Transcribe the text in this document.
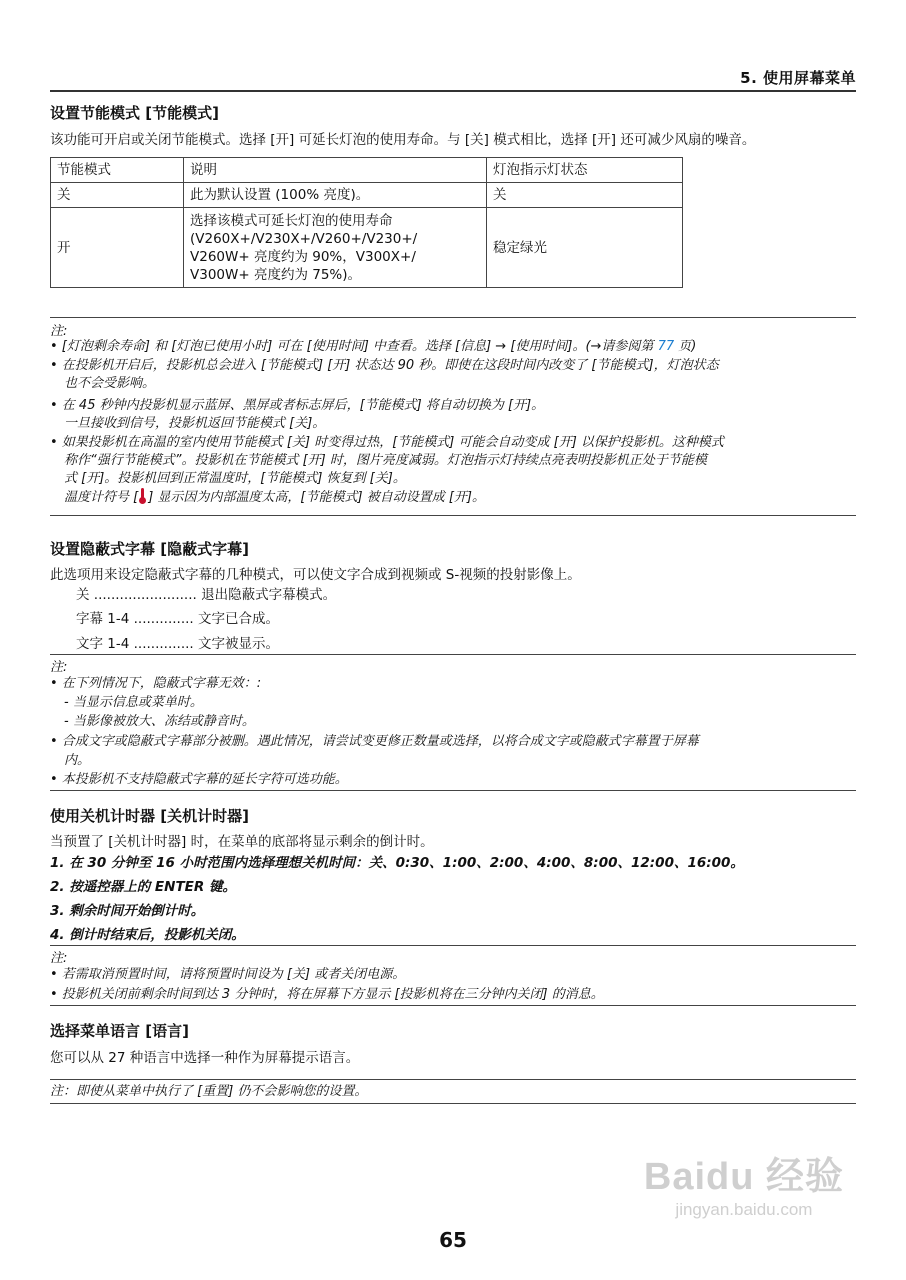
5. 使用屏幕菜单
设置节能模式 [节能模式]
该功能可开启或关闭节能模式。选择 [开] 可延长灯泡的使用寿命。与 [关] 模式相比，选择 [开] 还可减少风扇的噪音。
节能模式	说明	灯泡指示灯状态
关	此为默认设置 (100% 亮度)。	关
开	选择该模式可延长灯泡的使用寿命
(V260X+/V230X+/V260+/V230+/
V260W+ 亮度约为 90%，V300X+/
V300W+ 亮度约为 75%)。	稳定绿光
注:
• [灯泡剩余寿命] 和 [灯泡已使用小时] 可在 [使用时间] 中查看。选择 [信息] → [使用时间]。(→请参阅第 77 页)
• 在投影机开启后，投影机总会进入 [节能模式] [开] 状态达 90 秒。即使在这段时间内改变了 [节能模式]，灯泡状态
也不会受影响。
• 在 45 秒钟内投影机显示蓝屏、黑屏或者标志屏后，[节能模式] 将自动切换为 [开]。
一旦接收到信号，投影机返回节能模式 [关]。
• 如果投影机在高温的室内使用节能模式 [关] 时变得过热，[节能模式] 可能会自动变成 [开] 以保护投影机。这种模式
称作“强行节能模式”。投影机在节能模式 [开] 时，图片亮度减弱。灯泡指示灯持续点亮表明投影机正处于节能模
式 [开]。投影机回到正常温度时，[节能模式] 恢复到 [关]。
温度计符号 [ ] 显示因为内部温度太高，[节能模式] 被自动设置成 [开]。
设置隐蔽式字幕 [隐蔽式字幕]
此选项用来设定隐蔽式字幕的几种模式，可以使文字合成到视频或 S-视频的投射影像上。
关 ........................ 退出隐蔽式字幕模式。
字幕 1-4 .............. 文字已合成。
文字 1-4 .............. 文字被显示。
注:
• 在下列情况下，隐蔽式字幕无效：:
- 当显示信息或菜单时。
- 当影像被放大、冻结或静音时。
• 合成文字或隐蔽式字幕部分被删。遇此情况，请尝试变更修正数量或选择，以将合成文字或隐蔽式字幕置于屏幕
内。
• 本投影机不支持隐蔽式字幕的延长字符可选功能。
使用关机计时器 [关机计时器]
当预置了 [关机计时器] 时，在菜单的底部将显示剩余的倒计时。
1. 在 30 分钟至 16 小时范围内选择理想关机时间：关、0:30、1:00、2:00、4:00、8:00、12:00、16:00。
2. 按遥控器上的 ENTER 键。
3. 剩余时间开始倒计时。
4. 倒计时结束后，投影机关闭。
注:
• 若需取消预置时间，请将预置时间设为 [关] 或者关闭电源。
• 投影机关闭前剩余时间到达 3 分钟时，将在屏幕下方显示 [投影机将在三分钟内关闭] 的消息。
选择菜单语言 [语言]
您可以从 27 种语言中选择一种作为屏幕提示语言。
注：即使从菜单中执行了 [重置] 仍不会影响您的设置。
Baidu 经验
jingyan.baidu.com
65
